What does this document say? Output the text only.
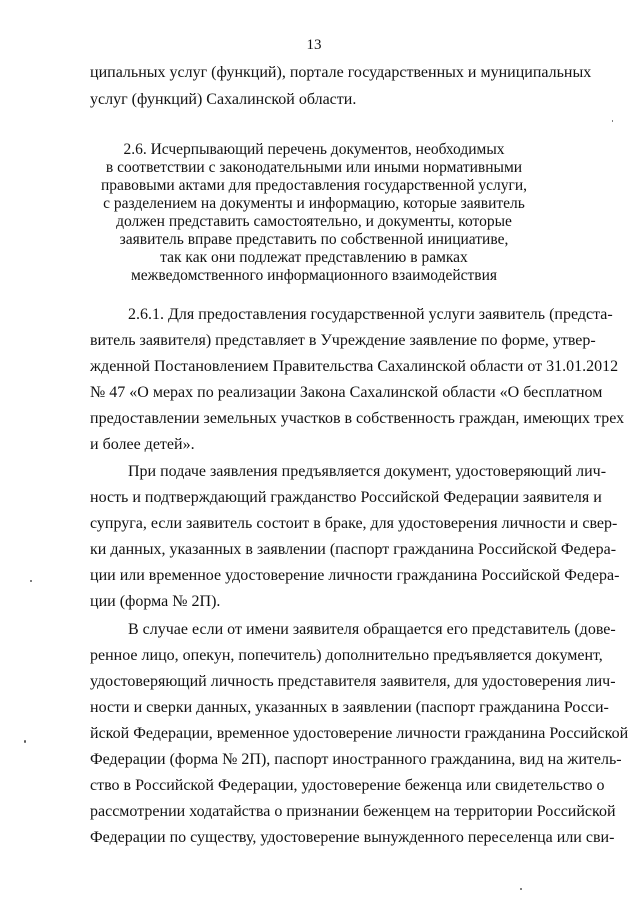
13
ципальных услуг (функций), портале государственных и муниципальных
услуг (функций) Сахалинской области.
2.6. Исчерпывающий перечень документов, необходимых
в соответствии с законодательными или иными нормативными
правовыми актами для предоставления государственной услуги,
с разделением на документы и информацию, которые заявитель
должен представить самостоятельно, и документы, которые
заявитель вправе представить по собственной инициативе,
так как они подлежат представлению в рамках
межведомственного информационного взаимодействия
2.6.1. Для предоставления государственной услуги заявитель (предста-
витель заявителя) представляет в Учреждение заявление по форме, утвер-
жденной Постановлением Правительства Сахалинской области от 31.01.2012
№ 47 «О мерах по реализации Закона Сахалинской области «О бесплатном
предоставлении земельных участков в собственность граждан, имеющих трех
и более детей».
При подаче заявления предъявляется документ, удостоверяющий лич-
ность и подтверждающий гражданство Российской Федерации заявителя и
супруга, если заявитель состоит в браке, для удостоверения личности и свер-
ки данных, указанных в заявлении (паспорт гражданина Российской Федера-
ции или временное удостоверение личности гражданина Российской Федера-
ции (форма № 2П).
В случае если от имени заявителя обращается его представитель (дове-
ренное лицо, опекун, попечитель) дополнительно предъявляется документ,
удостоверяющий личность представителя заявителя, для удостоверения лич-
ности и сверки данных, указанных в заявлении (паспорт гражданина Росси-
йской Федерации, временное удостоверение личности гражданина Российской
Федерации (форма № 2П), паспорт иностранного гражданина, вид на житель-
ство в Российской Федерации, удостоверение беженца или свидетельство о
рассмотрении ходатайства о признании беженцем на территории Российской
Федерации по существу, удостоверение вынужденного переселенца или сви-
